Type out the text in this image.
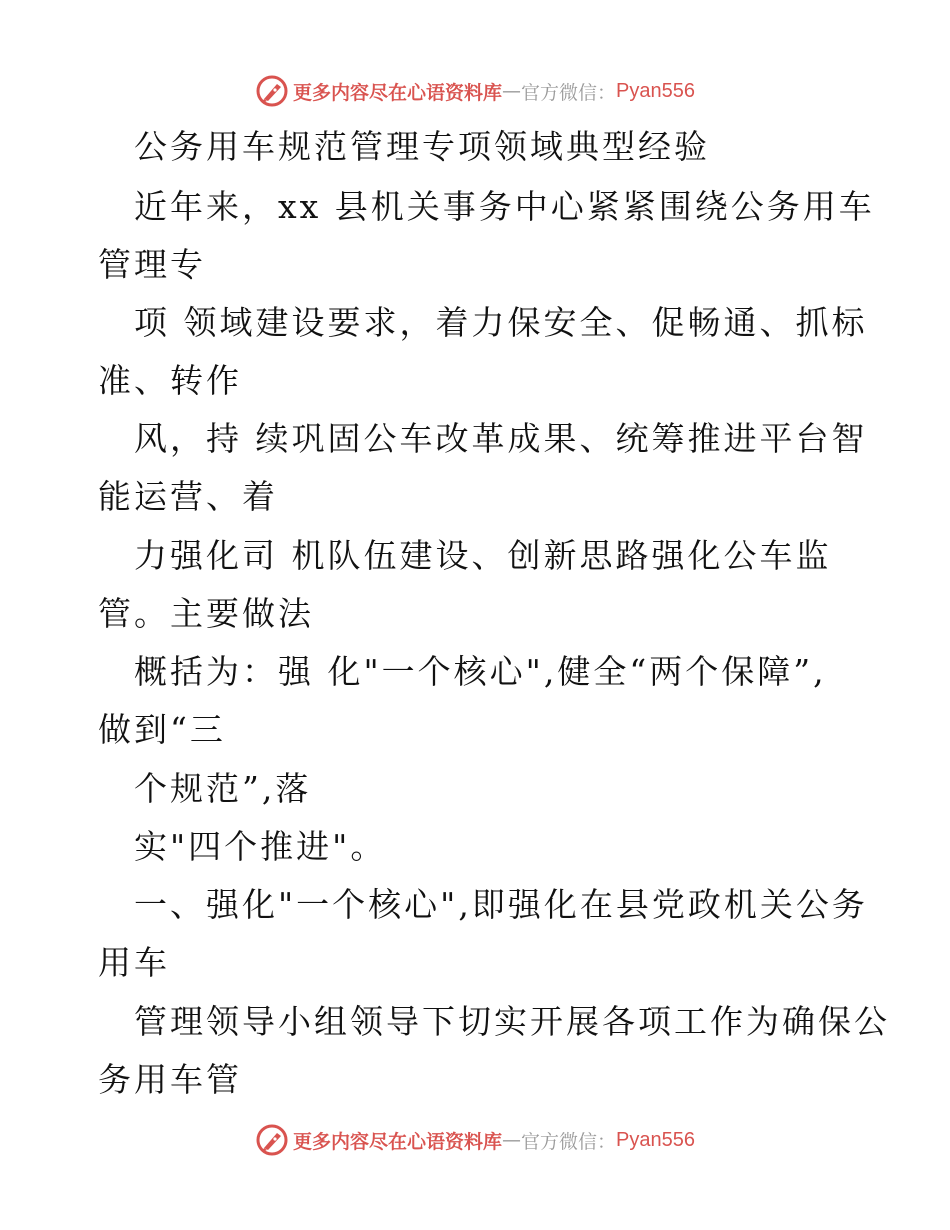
更多内容尽在心语资料库 — 官方微信： Pyan556
公务用车规范管理专项领域典型经验
近年来，xx 县机关事务中心紧紧围绕公务用车
管理专
项 领域建设要求，着力保安全、促畅通、抓标
准、转作
风，持 续巩固公车改革成果、统筹推进平台智
能运营、着
力强化司 机队伍建设、创新思路强化公车监
管。主要做法
概括为：强 化"一个核心",健全“两个保障”,
做到“三
个规范”,落
实"四个推进"。
一、强化"一个核心",即强化在县党政机关公务
用车
管理领导小组领导下切实开展各项工作为确保公
务用车管
更多内容尽在心语资料库 — 官方微信： Pyan556
